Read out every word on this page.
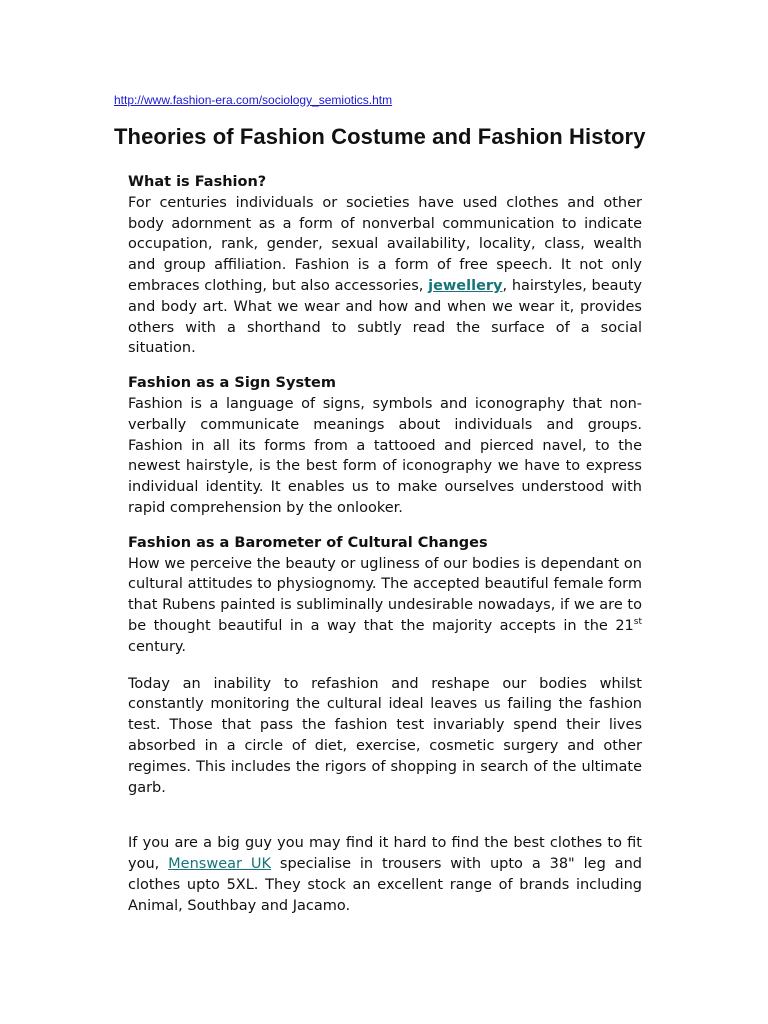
http://www.fashion-era.com/sociology_semiotics.htm
Theories of Fashion Costume and Fashion History

What is Fashion?

For centuries individuals or societies have used clothes and other body adornment as a form of nonverbal communication to indicate occupation, rank, gender, sexual availability, locality, class, wealth and group affiliation. Fashion is a form of free speech. It not only embraces clothing, but also accessories, jewellery, hairstyles, beauty and body art. What we wear and how and when we wear it, provides others with a shorthand to subtly read the surface of a social situation.

Fashion as a Sign System

Fashion is a language of signs, symbols and iconography that non-verbally communicate meanings about individuals and groups. Fashion in all its forms from a tattooed and pierced navel, to the newest hairstyle, is the best form of iconography we have to express individual identity. It enables us to make ourselves understood with rapid comprehension by the onlooker.

Fashion as a Barometer of Cultural Changes

How we perceive the beauty or ugliness of our bodies is dependant on cultural attitudes to physiognomy. The accepted beautiful female form that Rubens painted is subliminally undesirable nowadays, if we are to be thought beautiful in a way that the majority accepts in the 21st century.

Today an inability to refashion and reshape our bodies whilst constantly monitoring the cultural ideal leaves us failing the fashion test. Those that pass the fashion test invariably spend their lives absorbed in a circle of diet, exercise, cosmetic surgery and other regimes. This includes the rigors of shopping in search of the ultimate garb.

If you are a big guy you may find it hard to find the best clothes to fit you, Menswear UK specialise in trousers with upto a 38" leg and clothes upto 5XL. They stock an excellent range of brands including Animal, Southbay and Jacamo.
